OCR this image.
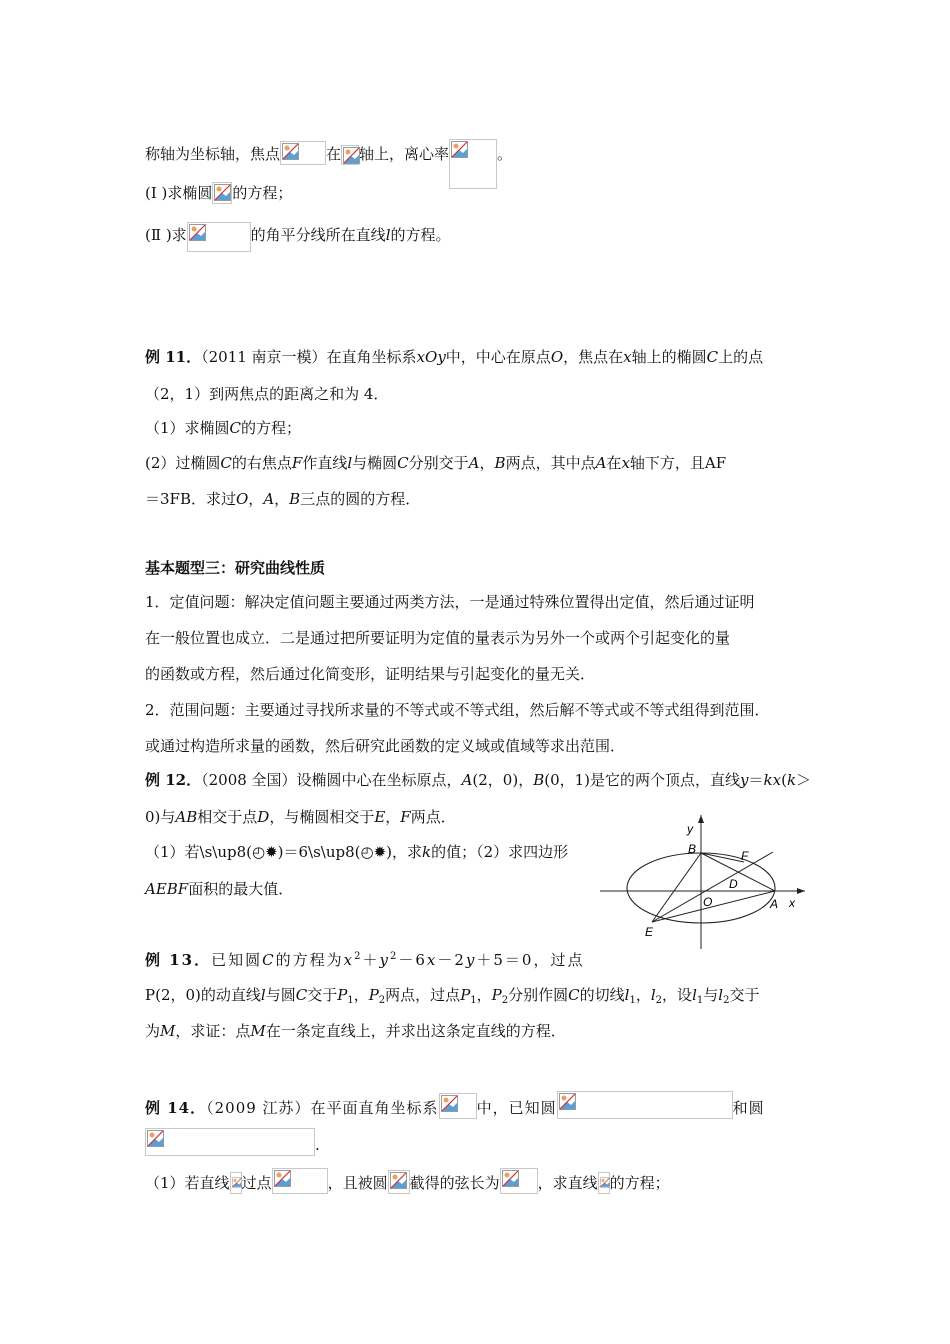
称轴为坐标轴，焦点	在 轴上，离心率	。
(Ⅰ )求椭圆 的方程；
(Ⅱ )求	的角平分线所在直线l的方程。
例 11．（2011 南京一模）在直角坐标系xOy中，中心在原点O，焦点在x轴上的椭圆C上的点
（2，1）到两焦点的距离之和为 4．
（1）求椭圆C的方程；
(2）过椭圆C的右焦点F作直线l与椭圆C分别交于A，B两点，其中点A在x轴下方，且AF
＝3FB．求过O，A，B三点的圆的方程．
基本题型三：研究曲线性质
1．定值问题：解决定值问题主要通过两类方法，一是通过特殊位置得出定值，然后通过证明
在一般位置也成立．二是通过把所要证明为定值的量表示为另外一个或两个引起变化的量
的函数或方程，然后通过化简变形，证明结果与引起变化的量无关．
2．范围问题：主要通过寻找所求量的不等式或不等式组，然后解不等式或不等式组得到范围．
或通过构造所求量的函数，然后研究此函数的定义域或值域等求出范围．
例 12．（2008 全国）设椭圆中心在坐标原点，A(2，0)，B(0，1)是它的两个顶点，直线y＝kx(k＞
0)与AB相交于点D，与椭圆相交于E，F两点．
（1）若\s\up8(◴✹)＝6\s\up8(◴✹)，求k的值；（2）求四边形
AEBF面积的最大值．
y
B	F
D
O	A x
E
例 13．已知圆C的方程为$x^2+y^2-6x-2y+5=0$，过点
P(2，0)的动直线l与圆C交于$P_1$，$P_2$两点，过点$P_1$，$P_2$分别作圆C的切线$l_1$，$l_2$，设$l_1$与$l_2$交于
为M，求证：点M在一条定直线上，并求出这条定直线的方程．
例 14．（2009 江苏）在平面直角坐标系	中，已知圆	和圆
.
（1）若直线 过点	，且被圆 截得的弦长为	，求直线 的方程；
